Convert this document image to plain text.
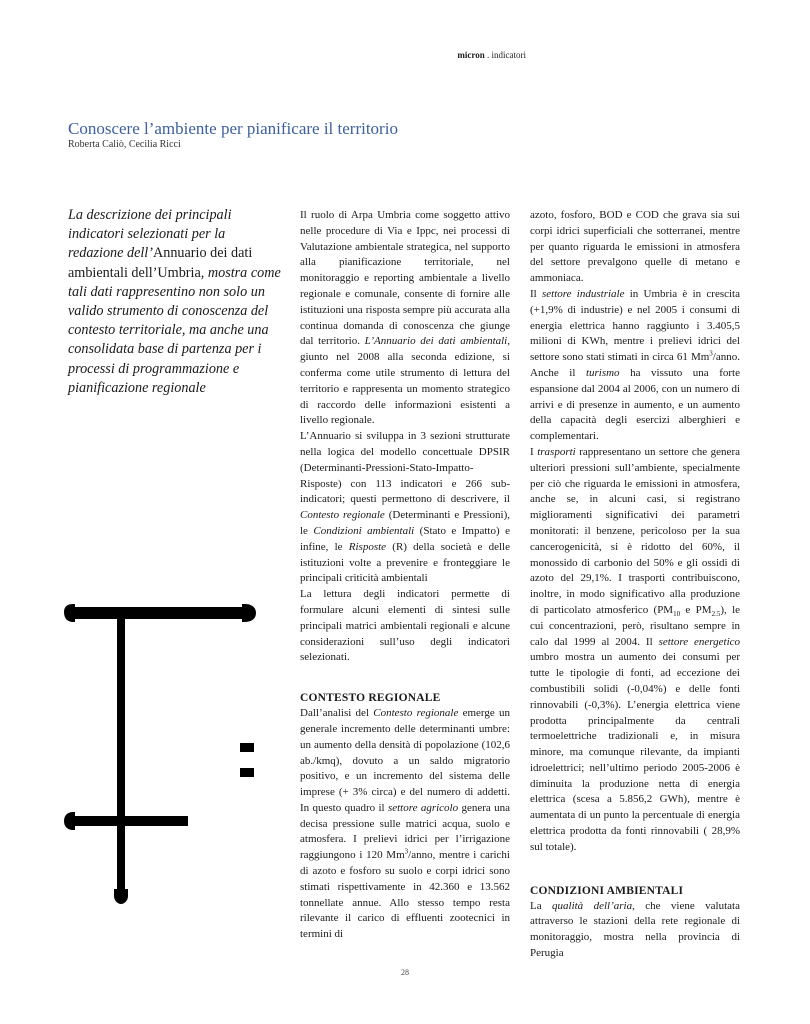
micron . indicatori
Conoscere l’ambiente per pianificare il territorio
Roberta Caliò, Cecilia Ricci
La descrizione dei principali indicatori selezionati per la redazione dell’Annuario dei dati ambientali dell’Umbria, mostra come tali dati rappresentino non solo un valido strumento di conoscenza del contesto territoriale, ma anche una consolidata base di partenza per i processi di programmazione e pianificazione regionale

Il ruolo di Arpa Umbria come soggetto attivo nelle procedure di Via e Ippc, nei processi di Valutazione ambientale strategica, nel supporto alla pianificazione territoriale, nel monitoraggio e reporting ambientale a livello regionale e comunale, consente di fornire alle istituzioni una risposta sempre più accurata alla continua domanda di conoscenza che giunge dal territorio. L’Annuario dei dati ambientali, giunto nel 2008 alla seconda edizione, si conferma come utile strumento di lettura del territorio e rappresenta un momento strategico di raccordo delle informazioni esistenti a livello regionale.

L’Annuario si sviluppa in 3 sezioni strutturate nella logica del modello concettuale DPSIR (Determinanti-Pressioni-Stato-Impatto-Risposte) con 113 indicatori e 266 sub-indicatori; questi permettono di descrivere, il Contesto regionale (Determinanti e Pressioni), le Condizioni ambientali (Stato e Impatto) e infine, le Risposte (R) della società e delle istituzioni volte a prevenire e fronteggiare le principali criticità ambientali

La lettura degli indicatori permette di formulare alcuni elementi di sintesi sulle principali matrici ambientali regionali e alcune considerazioni sull’uso degli indicatori selezionati.

CONTESTO REGIONALE

Dall’analisi del Contesto regionale emerge un generale incremento delle determinanti umbre: un aumento della densità di popolazione (102,6 ab./kmq), dovuto a un saldo migratorio positivo, e un incremento del sistema delle imprese (+ 3% circa) e del numero di addetti. In questo quadro il settore agricolo genera una decisa pressione sulle matrici acqua, suolo e atmosfera. I prelievi idrici per l’irrigazione raggiungono i 120 Mm$^3$/anno, mentre i carichi di azoto e fosforo su suolo e corpi idrici sono stimati rispettivamente in 42.360 e 13.562 tonnellate annue. Allo stesso tempo resta rilevante il carico di effluenti zootecnici in termini di

azoto, fosforo, BOD e COD che grava sia sui corpi idrici superficiali che sotterranei, mentre per quanto riguarda le emissioni in atmosfera del settore prevalgono quelle di metano e ammoniaca.

Il settore industriale in Umbria è in crescita (+1,9% di industrie) e nel 2005 i consumi di energia elettrica hanno raggiunto i 3.405,5 milioni di KWh, mentre i prelievi idrici del settore sono stati stimati in circa 61 Mm$^3$/anno. Anche il turismo ha vissuto una forte espansione dal 2004 al 2006, con un numero di arrivi e di presenze in aumento, e un aumento della capacità degli esercizi alberghieri e complementari.

I trasporti rappresentano un settore che genera ulteriori pressioni sull’ambiente, specialmente per ciò che riguarda le emissioni in atmosfera, anche se, in alcuni casi, si registrano miglioramenti significativi dei parametri monitorati: il benzene, pericoloso per la sua cancerogenicità, si è ridotto del 60%, il monossido di carbonio del 50% e gli ossidi di azoto del 29,1%. I trasporti contribuiscono, inoltre, in modo significativo alla produzione di particolato atmosferico ($PM_{10}$ e $PM_{2.5}$), le cui concentrazioni, però, risultano sempre in calo dal 1999 al 2004. Il settore energetico umbro mostra un aumento dei consumi per tutte le tipologie di fonti, ad eccezione dei combustibili solidi (-0,04%) e delle fonti rinnovabili (-0,3%). L’energia elettrica viene prodotta principalmente da centrali termoelettriche tradizionali e, in misura minore, ma comunque rilevante, da impianti idroelettrici; nell’ultimo periodo 2005-2006 è diminuita la produzione netta di energia elettrica (scesa a 5.856,2 GWh), mentre è aumentata di un punto la percentuale di energia elettrica prodotta da fonti rinnovabili ( 28,9% sul totale).

CONDIZIONI AMBIENTALI

La qualità dell’aria, che viene valutata attraverso le stazioni della rete regionale di monitoraggio, mostra nella provincia di Perugia

28
